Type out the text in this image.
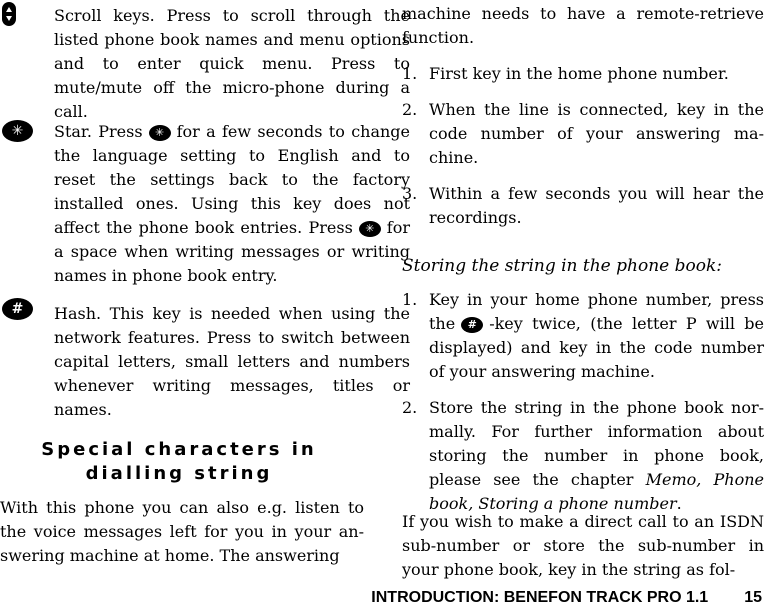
Scroll keys. Press to scroll through the listed phone book names and menu options and to enter quick menu. Press to mute/mute off the micro-phone during a call.

✳	Star. Press ✳ for a few seconds to change the language setting to English and to reset the settings back to the factory installed ones. Using this key does not affect the phone book entries. Press ✳ for a space when writing messages or writing names in phone book entry.

#	Hash. This key is needed when using the network features. Press to switch between capital letters, small letters and numbers whenever writing messages, titles or names.

Special characters in dialling string

With this phone you can also e.g. listen to the voice messages left for you in your an-swering machine at home. The answering

machine needs to have a remote-retrieve function.

1. First key in the home phone number.
2. When the line is connected, key in the code number of your answering ma-chine.
3. Within a few seconds you will hear the recordings.

Storing the string in the phone book:

1. Key in your home phone number, press the # -key twice, (the letter P will be displayed) and key in the code number of your answering machine.
2. Store the string in the phone book nor-mally. For further information about storing the number in phone book, please see the chapter Memo, Phone book, Storing a phone number.

If you wish to make a direct call to an ISDN sub-number or store the sub-number in your phone book, key in the string as fol-

INTRODUCTION: BENEFON TRACK PRO 1.1 15
